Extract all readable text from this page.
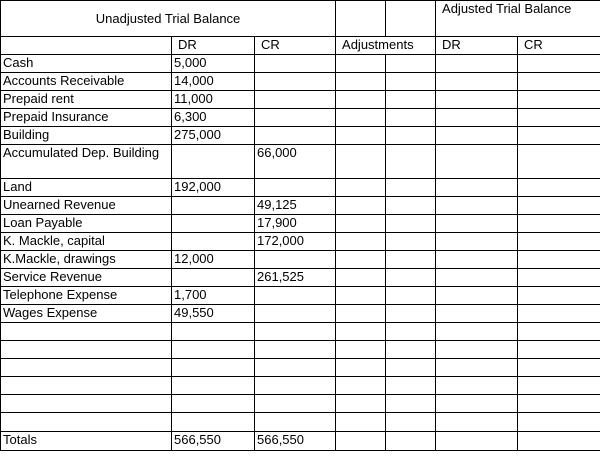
Unadjusted Trial Balance					Adjusted Trial Balance	
	DR	CR	Adjustments		DR	CR
Cash	5,000					
Accounts Receivable	14,000					
Prepaid rent	11,000					
Prepaid Insurance	6,300					
Building	275,000					
Accumulated Dep. Building		66,000				
Land	192,000					
Unearned Revenue		49,125				
Loan Payable		17,900				
K. Mackle, capital		172,000				
K.Mackle, drawings	12,000					
Service Revenue		261,525				
Telephone Expense	1,700					
Wages Expense	49,550					

Totals	566,550	566,550				
